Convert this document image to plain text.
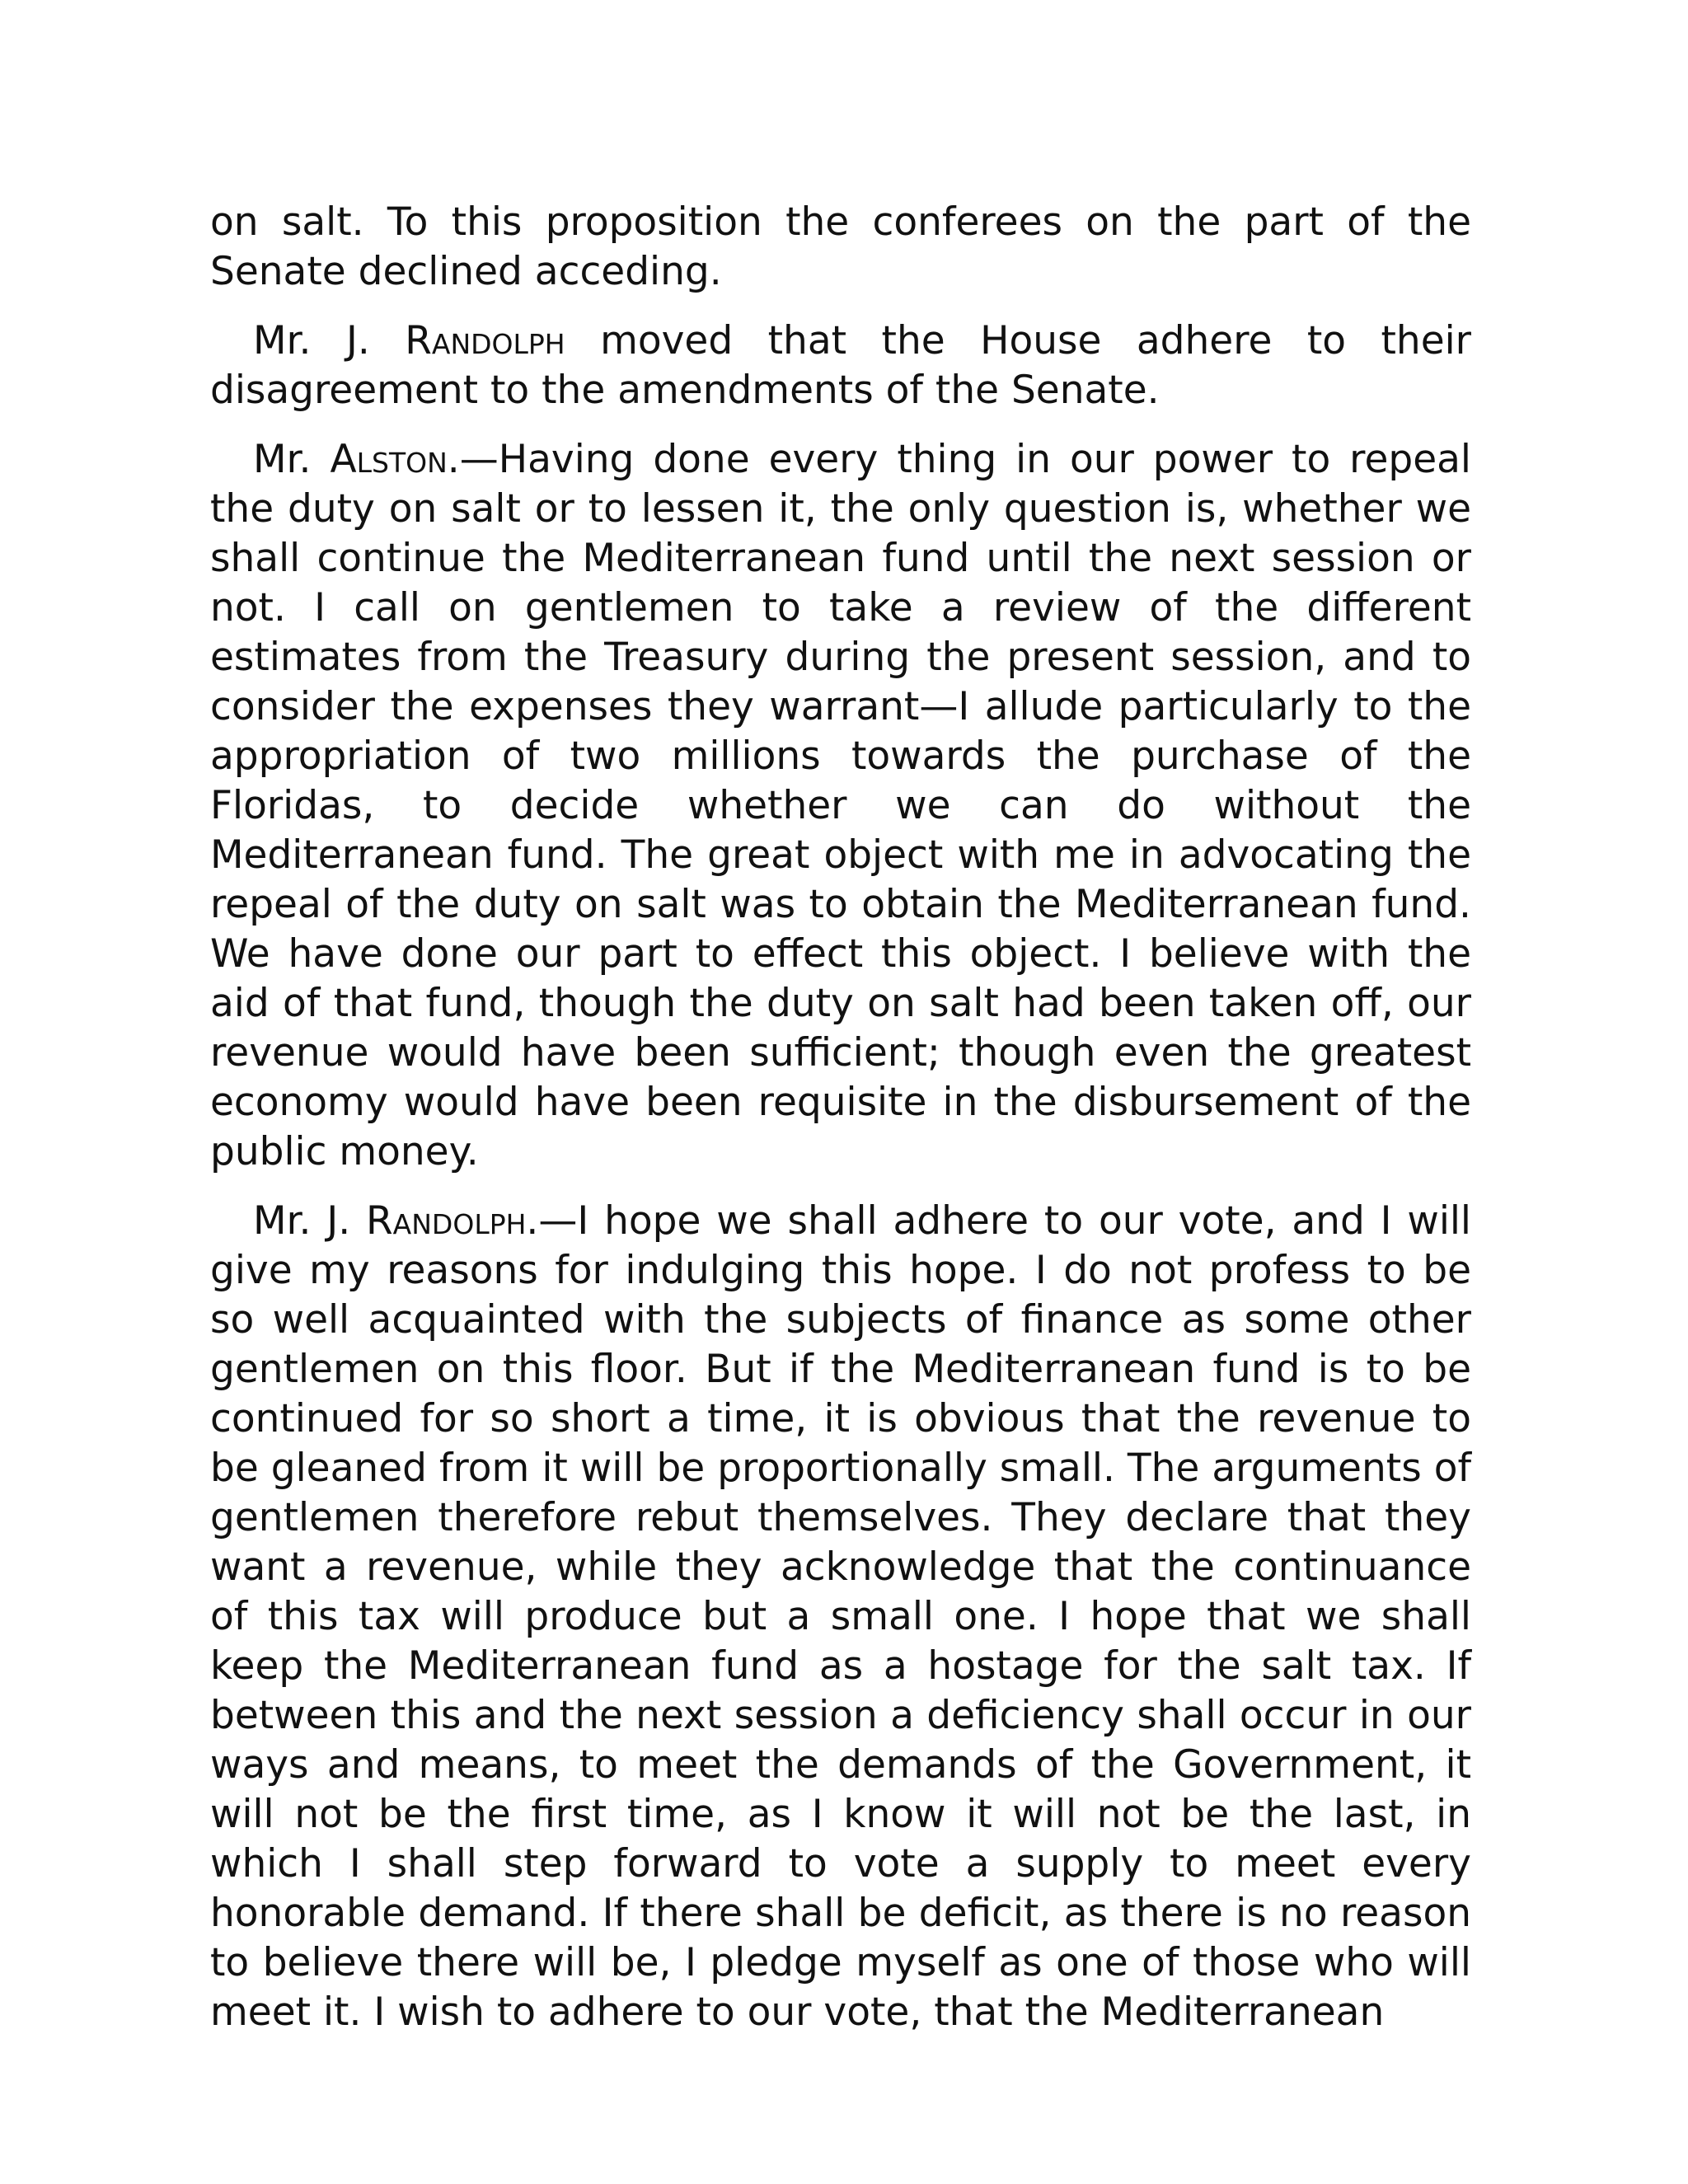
on salt. To this proposition the conferees on the part of the Senate declined acceding.

Mr. J. Randolph moved that the House adhere to their disagreement to the amendments of the Senate.

Mr. Alston.—Having done every thing in our power to repeal the duty on salt or to lessen it, the only question is, whether we shall continue the Mediterranean fund until the next session or not. I call on gentlemen to take a review of the different estimates from the Treasury during the present session, and to consider the expenses they warrant—I allude particularly to the appropriation of two millions towards the purchase of the Floridas, to decide whether we can do without the Mediterranean fund. The great object with me in advocating the repeal of the duty on salt was to obtain the Mediterranean fund. We have done our part to effect this object. I believe with the aid of that fund, though the duty on salt had been taken off, our revenue would have been sufficient; though even the greatest economy would have been requisite in the disbursement of the public money.

Mr. J. Randolph.—I hope we shall adhere to our vote, and I will give my reasons for indulging this hope. I do not profess to be so well acquainted with the subjects of finance as some other gentlemen on this floor. But if the Mediterranean fund is to be continued for so short a time, it is obvious that the revenue to be gleaned from it will be proportionally small. The arguments of gentlemen therefore rebut themselves. They declare that they want a revenue, while they acknowledge that the continuance of this tax will produce but a small one. I hope that we shall keep the Mediterranean fund as a hostage for the salt tax. If between this and the next session a deficiency shall occur in our ways and means, to meet the demands of the Government, it will not be the first time, as I know it will not be the last, in which I shall step forward to vote a supply to meet every honorable demand. If there shall be deficit, as there is no reason to believe there will be, I pledge myself as one of those who will meet it. I wish to adhere to our vote, that the Mediterranean
